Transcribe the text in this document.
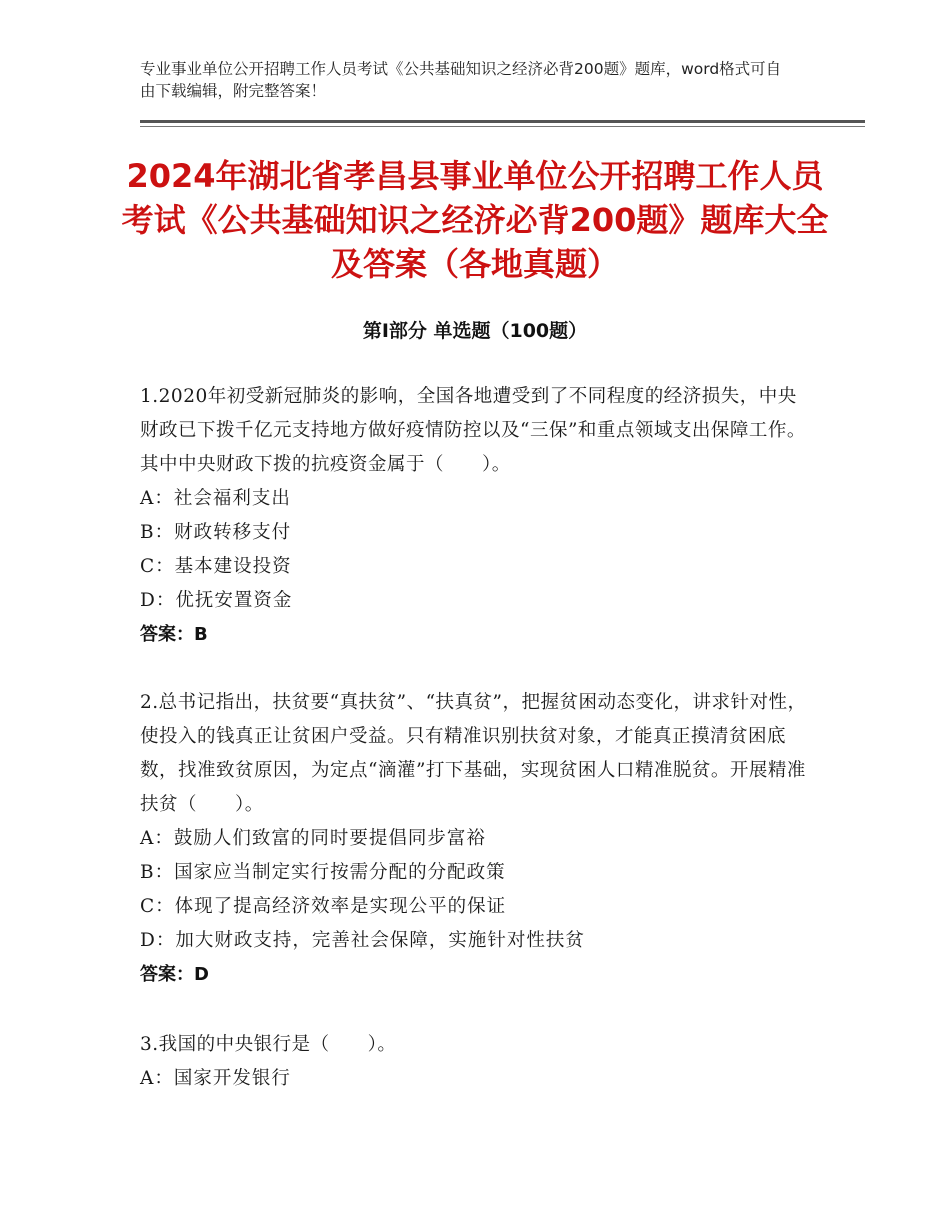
专业事业单位公开招聘工作人员考试《公共基础知识之经济必背200题》题库，word格式可自由下载编辑，附完整答案！
2024年湖北省孝昌县事业单位公开招聘工作人员考试《公共基础知识之经济必背200题》题库大全及答案（各地真题）
第Ⅰ部分 单选题（100题）
1.2020年初受新冠肺炎的影响，全国各地遭受到了不同程度的经济损失，中央财政已下拨千亿元支持地方做好疫情防控以及“三保”和重点领域支出保障工作。其中中央财政下拨的抗疫资金属于（　　）。
A：社会福利支出
B：财政转移支付
C：基本建设投资
D：优抚安置资金
答案：B
2.总书记指出，扶贫要“真扶贫”、“扶真贫”，把握贫困动态变化，讲求针对性，使投入的钱真正让贫困户受益。只有精准识别扶贫对象，才能真正摸清贫困底数，找准致贫原因，为定点“滴灌”打下基础，实现贫困人口精准脱贫。开展精准扶贫（　　）。
A：鼓励人们致富的同时要提倡同步富裕
B：国家应当制定实行按需分配的分配政策
C：体现了提高经济效率是实现公平的保证
D：加大财政支持，完善社会保障，实施针对性扶贫
答案：D
3.我国的中央银行是（　　）。
A：国家开发银行
